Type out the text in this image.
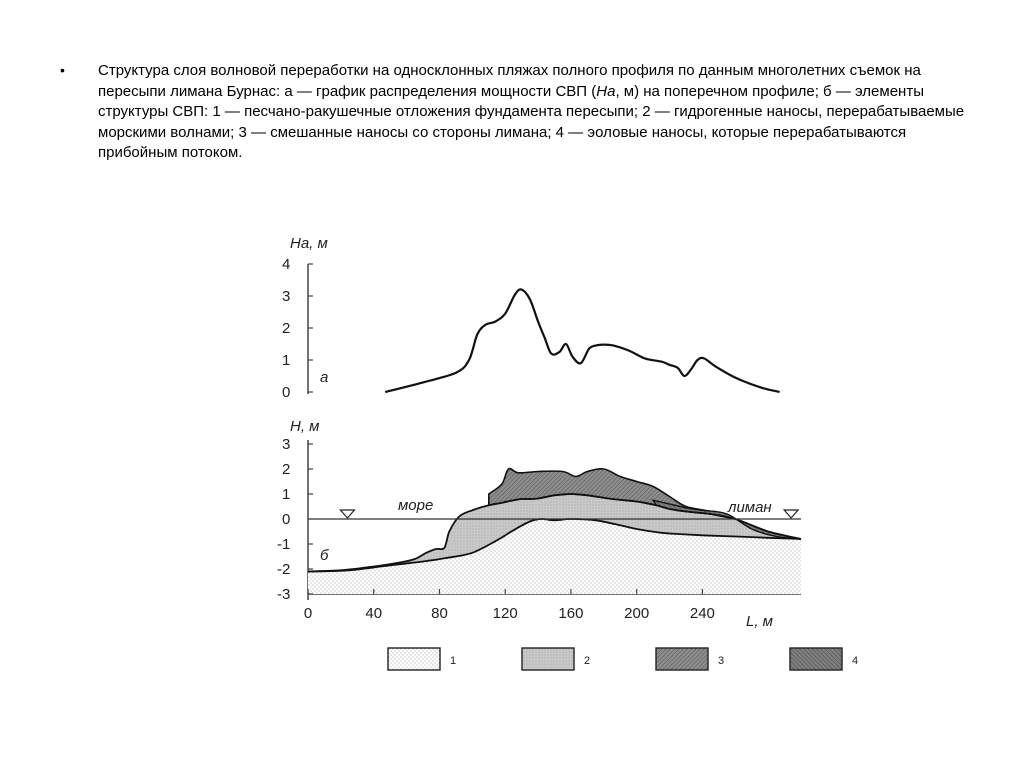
• Структура слоя волновой переработки на односклонных пляжах полного профиля по данным многолетних съемок на пересыпи лимана Бурнас: а — график распределения мощности СВП (Ha, м) на поперечном профиле; б — элементы структуры СВП: 1 — песчано-ракушечные отложения фундамента пересыпи; 2 — гидрогенные наносы, перерабатываемые морскими волнами; 3 — смешанные наносы со стороны лимана; 4 — эоловые наносы, которые перерабатываются прибойным потоком.
0
1
2
3
4
Ha, м
а
море	лиман
б
H, м
L, м
-3
-2
-1
0
1
2
3
0	40	80	120	160	200	240
1	2	3	4
